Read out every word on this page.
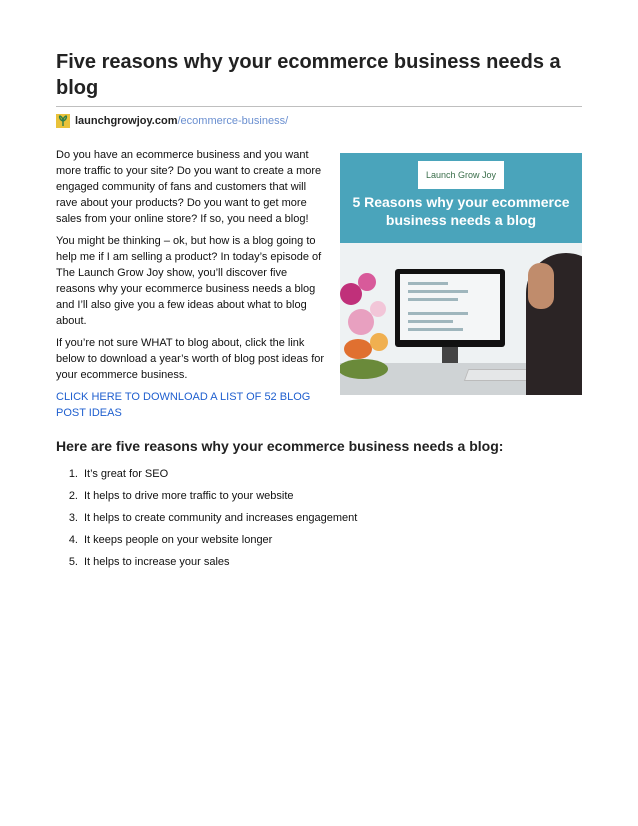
Five reasons why your ecommerce business needs a blog
launchgrowjoy.com /ecommerce-business/

Do you have an ecommerce business and you want more traffic to your site? Do you want to create a more engaged community of fans and customers that will rave about your products? Do you want to get more sales from your online store? If so, you need a blog!

You might be thinking – ok, but how is a blog going to help me if I am selling a product? In today’s episode of The Launch Grow Joy show, you’ll discover five reasons why your ecommerce business needs a blog and I’ll also give you a few ideas about what to blog about.

If you’re not sure WHAT to blog about, click the link below to download a year’s worth of blog post ideas for your ecommerce business.

CLICK HERE TO DOWNLOAD A LIST OF 52 BLOG POST IDEAS
Launch Grow Joy
5 Reasons why your ecommerce business needs a blog
Here are five reasons why your ecommerce business needs a blog:
1. It’s great for SEO
2. It helps to drive more traffic to your website
3. It helps to create community and increases engagement
4. It keeps people on your website longer
5. It helps to increase your sales
